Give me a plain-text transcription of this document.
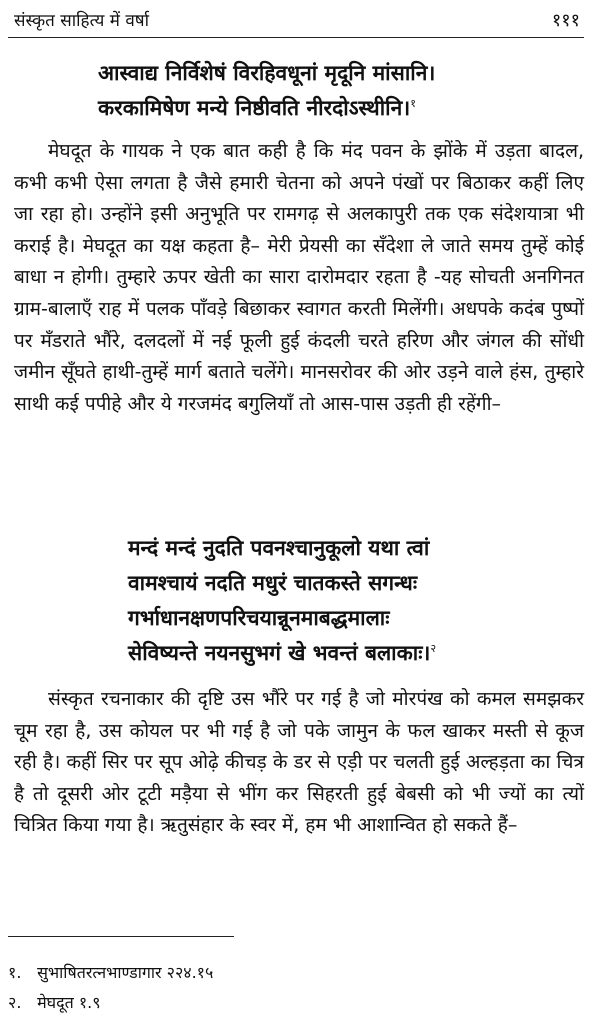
संस्कृत साहित्य में वर्षा	१११
आस्वाद्य निर्विशेषं विरहिवधूनां मृदूनि मांसानि।
करकामिषेण मन्ये निष्ठीवति नीरदोऽस्थीनि।$^१$

मेघदूत के गायक ने एक बात कही है कि मंद पवन के झोंके में उड़ता बादल, कभी कभी ऐसा लगता है जैसे हमारी चेतना को अपने पंखों पर बिठाकर कहीं लिए जा रहा हो। उन्होंने इसी अनुभूति पर रामगढ़ से अलकापुरी तक एक संदेशयात्रा भी कराई है। मेघदूत का यक्ष कहता है– मेरी प्रेयसी का सँदेशा ले जाते समय तुम्हें कोई बाधा न होगी। तुम्हारे ऊपर खेती का सारा दारोमदार रहता है -यह सोचती अनगिनत ग्राम-बालाएँ राह में पलक पाँवड़े बिछाकर स्वागत करती मिलेंगी। अधपके कदंब पुष्पों पर मँडराते भौंरे, दलदलों में नई फूली हुई कंदली चरते हरिण और जंगल की सोंधी जमीन सूँघते हाथी-तुम्हें मार्ग बताते चलेंगे। मानसरोवर की ओर उड़ने वाले हंस, तुम्हारे साथी कई पपीहे और ये गरजमंद बगुलियाँ तो आस-पास उड़ती ही रहेंगी–

मन्दं मन्दं नुदति पवनश्चानुकूलो यथा त्वां
वामश्चायं नदति मधुरं चातकस्ते सगन्धः
गर्भाधानक्षणपरिचयान्नूनमाबद्धमालाः
सेविष्यन्ते नयनसुभगं खे भवन्तं बलाकाः।$^२$

संस्कृत रचनाकार की दृष्टि उस भौंरे पर गई है जो मोरपंख को कमल समझकर चूम रहा है, उस कोयल पर भी गई है जो पके जामुन के फल खाकर मस्ती से कूज रही है। कहीं सिर पर सूप ओढ़े कीचड़ के डर से एड़ी पर चलती हुई अल्हड़ता का चित्र है तो दूसरी ओर टूटी मड़ैया से भींग कर सिहरती हुई बेबसी को भी ज्यों का त्यों चित्रित किया गया है। ऋतुसंहार के स्वर में, हम भी आशान्वित हो सकते हैं–

१. सुभाषितरत्नभाण्डागार २२४.१५
२. मेघदूत १.९
